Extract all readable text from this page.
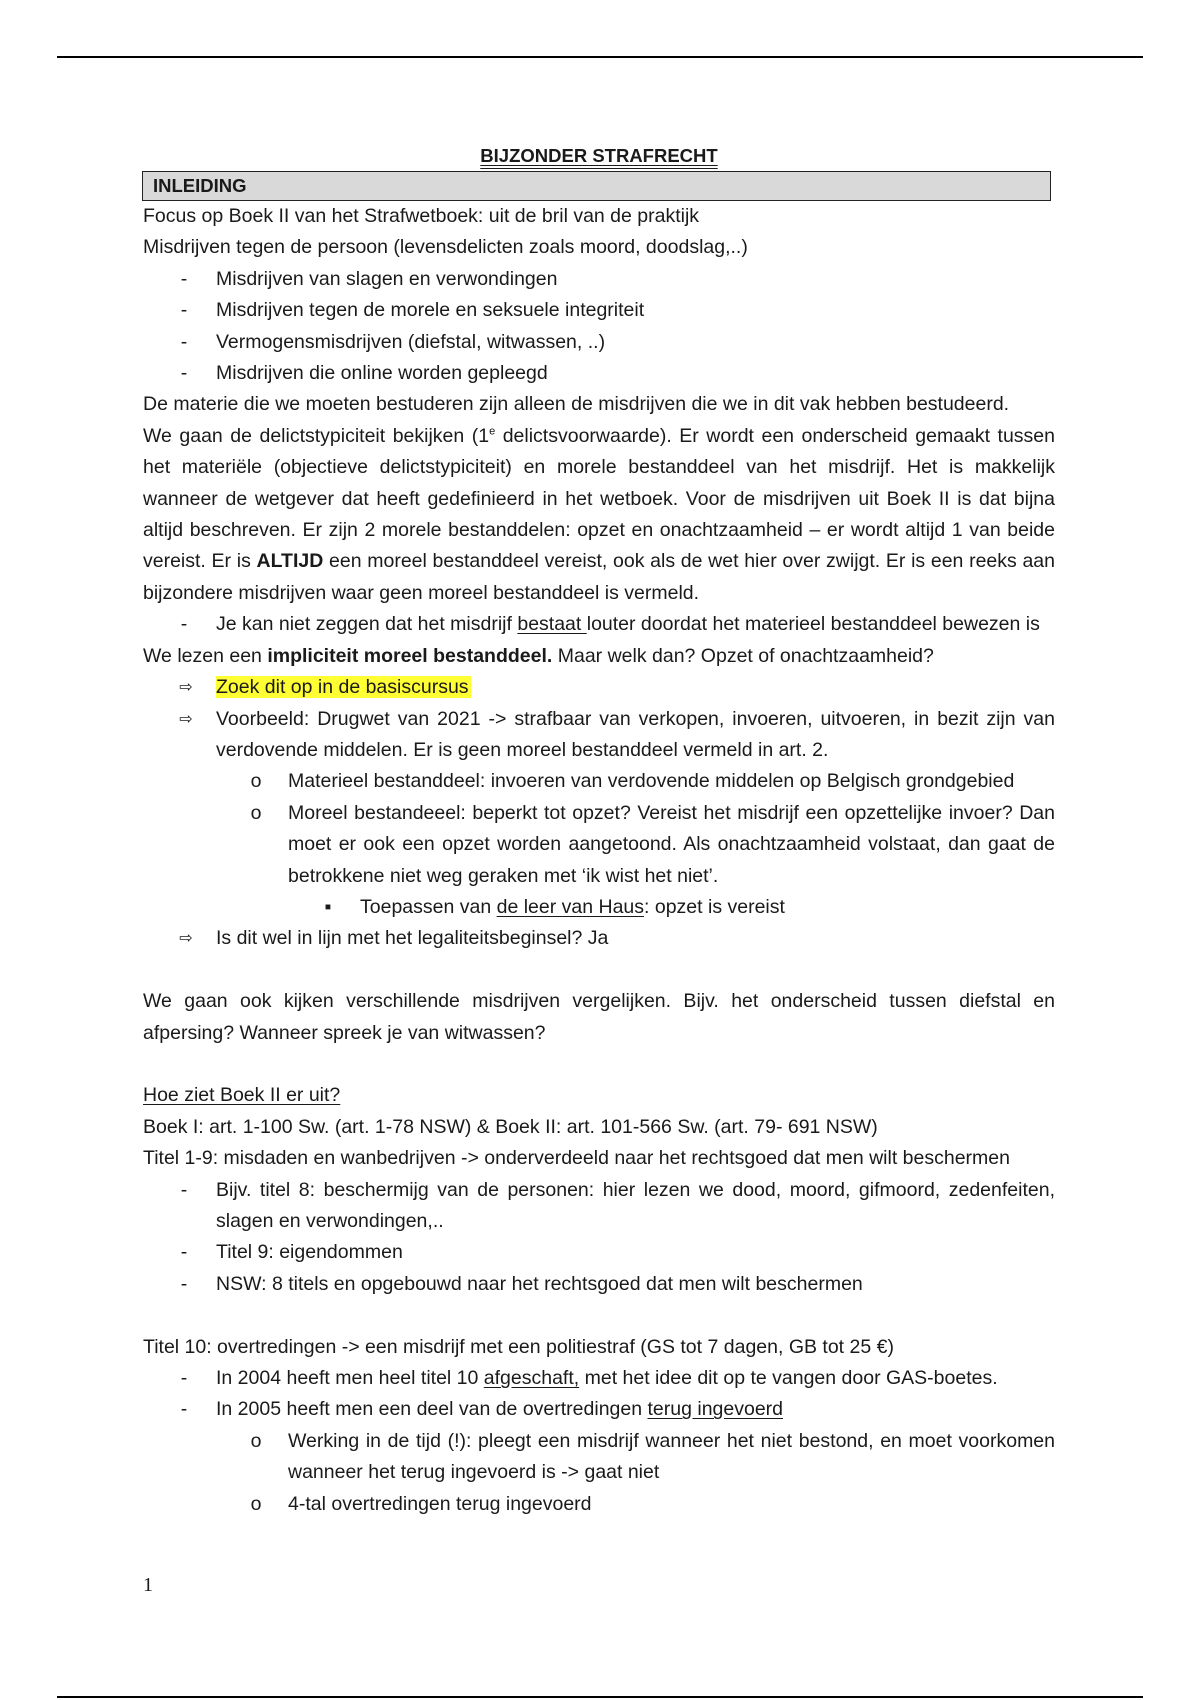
BIJZONDER STRAFRECHT
INLEIDING

Focus op Boek II van het Strafwetboek: uit de bril van de praktijk

Misdrijven tegen de persoon (levensdelicten zoals moord, doodslag,..)

-
Misdrijven van slagen en verwondingen
-
Misdrijven tegen de morele en seksuele integriteit
-
Vermogensmisdrijven (diefstal, witwassen, ..)
-
Misdrijven die online worden gepleegd

De materie die we moeten bestuderen zijn alleen de misdrijven die we in dit vak hebben bestudeerd.

We gaan de delictstypiciteit bekijken (1e delictsvoorwaarde). Er wordt een onderscheid gemaakt tussen het materiële (objectieve delictstypiciteit) en morele bestanddeel van het misdrijf. Het is makkelijk wanneer de wetgever dat heeft gedefinieerd in het wetboek. Voor de misdrijven uit Boek II is dat bijna altijd beschreven. Er zijn 2 morele bestanddelen: opzet en onachtzaamheid – er wordt altijd 1 van beide vereist. Er is ALTIJD een moreel bestanddeel vereist, ook als de wet hier over zwijgt. Er is een reeks aan bijzondere misdrijven waar geen moreel bestanddeel is vermeld.

-
Je kan niet zeggen dat het misdrijf bestaat louter doordat het materieel bestanddeel bewezen is

We lezen een impliciteit moreel bestanddeel. Maar welk dan? Opzet of onachtzaamheid?

⇨
Zoek dit op in de basiscursus
⇨
Voorbeeld: Drugwet van 2021 -> strafbaar van verkopen, invoeren, uitvoeren, in bezit zijn van verdovende middelen. Er is geen moreel bestanddeel vermeld in art. 2.
o
Materieel bestanddeel: invoeren van verdovende middelen op Belgisch grondgebied
o
Moreel bestandeeel: beperkt tot opzet? Vereist het misdrijf een opzettelijke invoer? Dan moet er ook een opzet worden aangetoond. Als onachtzaamheid volstaat, dan gaat de betrokkene niet weg geraken met ‘ik wist het niet’.
▪
Toepassen van de leer van Haus: opzet is vereist
⇨
Is dit wel in lijn met het legaliteitsbeginsel? Ja

We gaan ook kijken verschillende misdrijven vergelijken. Bijv. het onderscheid tussen diefstal en afpersing? Wanneer spreek je van witwassen?

Hoe ziet Boek II er uit?

Boek I: art. 1-100 Sw. (art. 1-78 NSW) & Boek II: art. 101-566 Sw. (art. 79- 691 NSW)

Titel 1-9: misdaden en wanbedrijven -> onderverdeeld naar het rechtsgoed dat men wilt beschermen

-
Bijv. titel 8: beschermijg van de personen: hier lezen we dood, moord, gifmoord, zedenfeiten, slagen en verwondingen,..
-
Titel 9: eigendommen
-
NSW: 8 titels en opgebouwd naar het rechtsgoed dat men wilt beschermen

Titel 10: overtredingen -> een misdrijf met een politiestraf (GS tot 7 dagen, GB tot 25 €)

-
In 2004 heeft men heel titel 10 afgeschaft, met het idee dit op te vangen door GAS-boetes.
-
In 2005 heeft men een deel van de overtredingen terug ingevoerd
o
Werking in de tijd (!): pleegt een misdrijf wanneer het niet bestond, en moet voorkomen wanneer het terug ingevoerd is -> gaat niet
o
4-tal overtredingen terug ingevoerd
1
